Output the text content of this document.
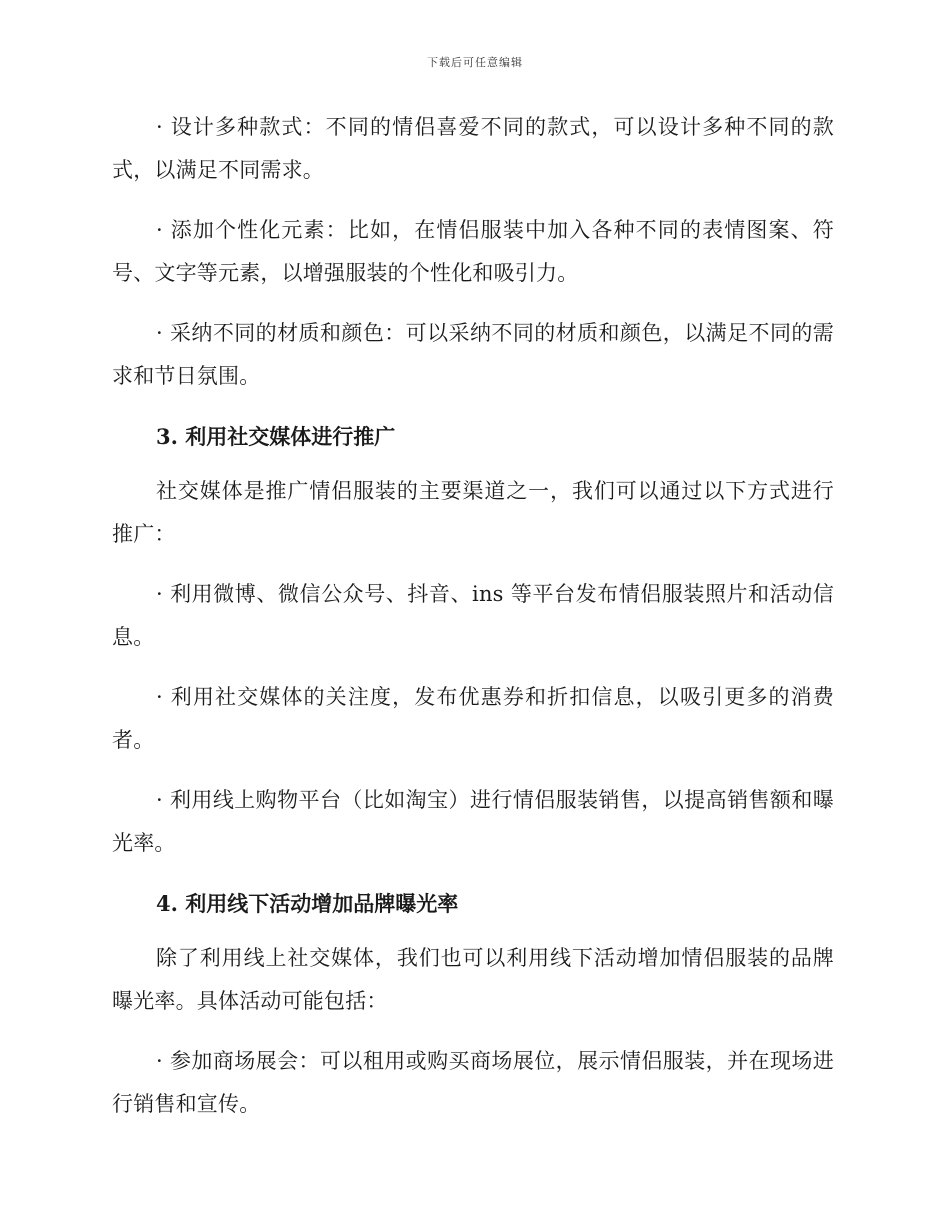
下载后可任意编辑

· 设计多种款式：不同的情侣喜爱不同的款式，可以设计多种不同的款式，以满足不同需求。

· 添加个性化元素：比如，在情侣服装中加入各种不同的表情图案、符号、文字等元素，以增强服装的个性化和吸引力。

· 采纳不同的材质和颜色：可以采纳不同的材质和颜色，以满足不同的需求和节日氛围。

3. 利用社交媒体进行推广

社交媒体是推广情侣服装的主要渠道之一，我们可以通过以下方式进行推广：

· 利用微博、微信公众号、抖音、ins 等平台发布情侣服装照片和活动信息。

· 利用社交媒体的关注度，发布优惠券和折扣信息，以吸引更多的消费者。

· 利用线上购物平台（比如淘宝）进行情侣服装销售，以提高销售额和曝光率。

4. 利用线下活动增加品牌曝光率

除了利用线上社交媒体，我们也可以利用线下活动增加情侣服装的品牌曝光率。具体活动可能包括：

· 参加商场展会：可以租用或购买商场展位，展示情侣服装，并在现场进行销售和宣传。
